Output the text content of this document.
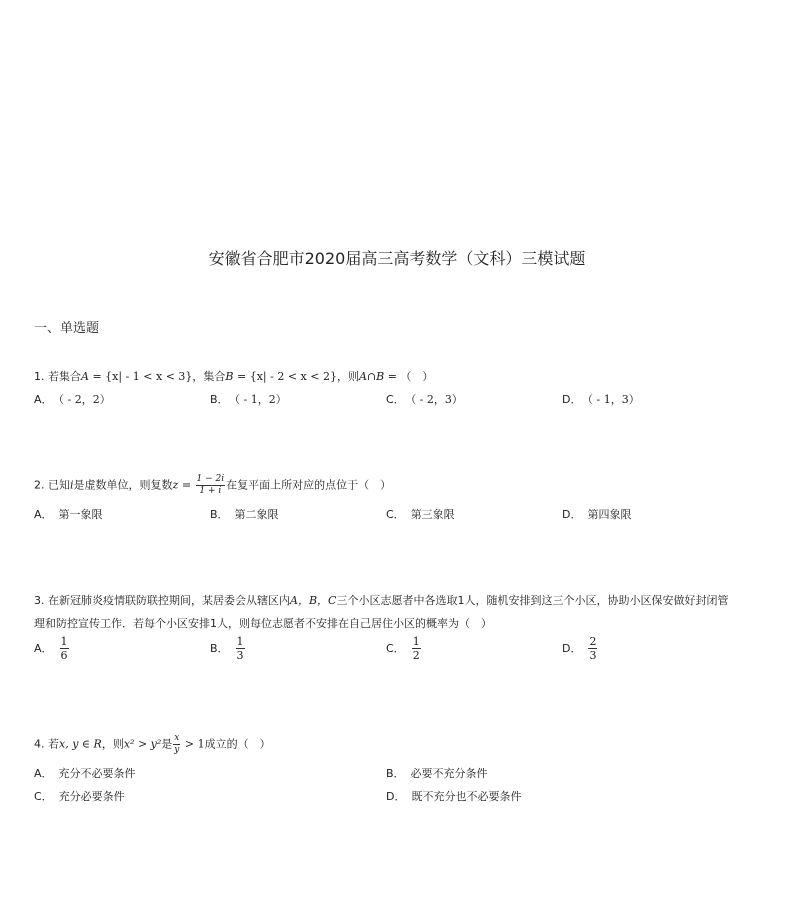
安徽省合肥市2020届高三高考数学（文科）三模试题
一、单选题
1. 若集合A = {x| - 1 < x < 3}，集合B = {x| - 2 < x < 2}，则A∩B = （　）
A． （ - 2，2）	B． （ - 1，2）	C． （ - 2，3）	D． （ - 1，3）
2. 已知i是虚数单位，则复数$z = \frac{1 - 2i}{1 + i}$ 在复平面上所对应的点位于（　）
A． 第一象限	B． 第二象限	C． 第三象限	D． 第四象限
3. 在新冠肺炎疫情联防联控期间，某居委会从辖区内A，B，C三个小区志愿者中各选取1人，随机安排到这三个小区，协助小区保安做好封闭管
理和防控宣传工作．若每个小区安排1人，则每位志愿者不安排在自己居住小区的概率为（　）
A． $\frac{1}{6}$	B． $\frac{1}{3}$	C． $\frac{1}{2}$	D． $\frac{2}{3}$
4. 若x, y ∈ R，则x² > y²是 $\frac{x}{y} > 1$成立的（　）
A． 充分不必要条件	B． 必要不充分条件
C． 充分必要条件	D． 既不充分也不必要条件
